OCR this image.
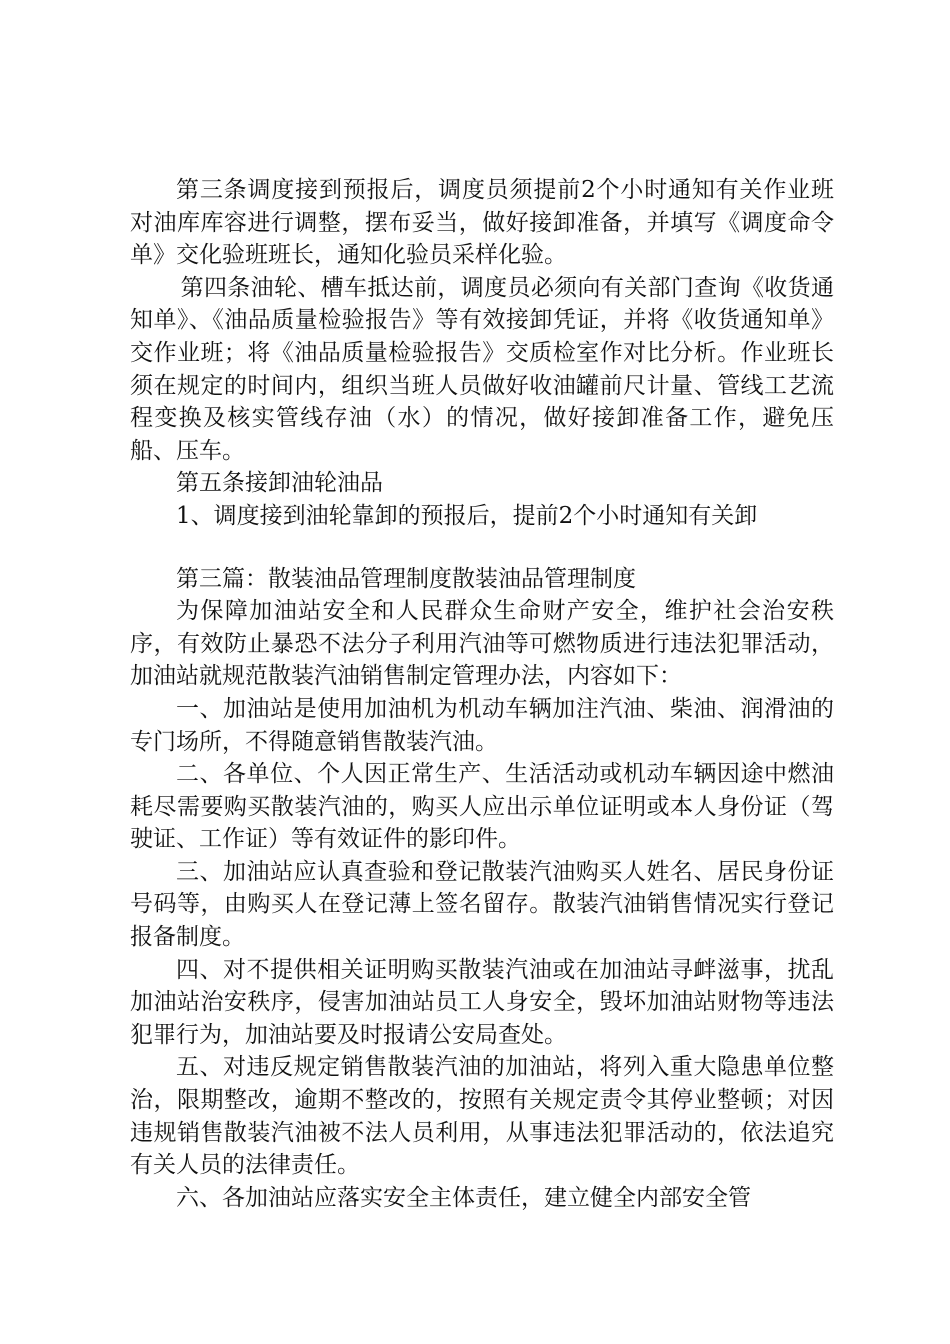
第三条调度接到预报后，调度员须提前2个小时通知有关作业班对油库库容进行调整，摆布妥当，做好接卸准备，并填写《调度命令单》交化验班班长，通知化验员采样化验。

第四条油轮、槽车抵达前，调度员必须向有关部门查询《收货通知单》、《油品质量检验报告》等有效接卸凭证，并将《收货通知单》交作业班；将《油品质量检验报告》交质检室作对比分析。作业班长须在规定的时间内，组织当班人员做好收油罐前尺计量、管线工艺流程变换及核实管线存油（水）的情况，做好接卸准备工作，避免压船、压车。

第五条接卸油轮油品

1、调度接到油轮靠卸的预报后，提前2个小时通知有关卸

第三篇：散装油品管理制度散装油品管理制度

为保障加油站安全和人民群众生命财产安全，维护社会治安秩序，有效防止暴恐不法分子利用汽油等可燃物质进行违法犯罪活动，加油站就规范散装汽油销售制定管理办法，内容如下：

一、加油站是使用加油机为机动车辆加注汽油、柴油、润滑油的专门场所，不得随意销售散装汽油。

二、各单位、个人因正常生产、生活活动或机动车辆因途中燃油耗尽需要购买散装汽油的，购买人应出示单位证明或本人身份证（驾驶证、工作证）等有效证件的影印件。

三、加油站应认真查验和登记散装汽油购买人姓名、居民身份证号码等，由购买人在登记薄上签名留存。散装汽油销售情况实行登记报备制度。

四、对不提供相关证明购买散装汽油或在加油站寻衅滋事，扰乱加油站治安秩序，侵害加油站员工人身安全，毁坏加油站财物等违法犯罪行为，加油站要及时报请公安局查处。

五、对违反规定销售散装汽油的加油站，将列入重大隐患单位整治，限期整改，逾期不整改的，按照有关规定责令其停业整顿；对因违规销售散装汽油被不法人员利用，从事违法犯罪活动的，依法追究有关人员的法律责任。

六、各加油站应落实安全主体责任，建立健全内部安全管
